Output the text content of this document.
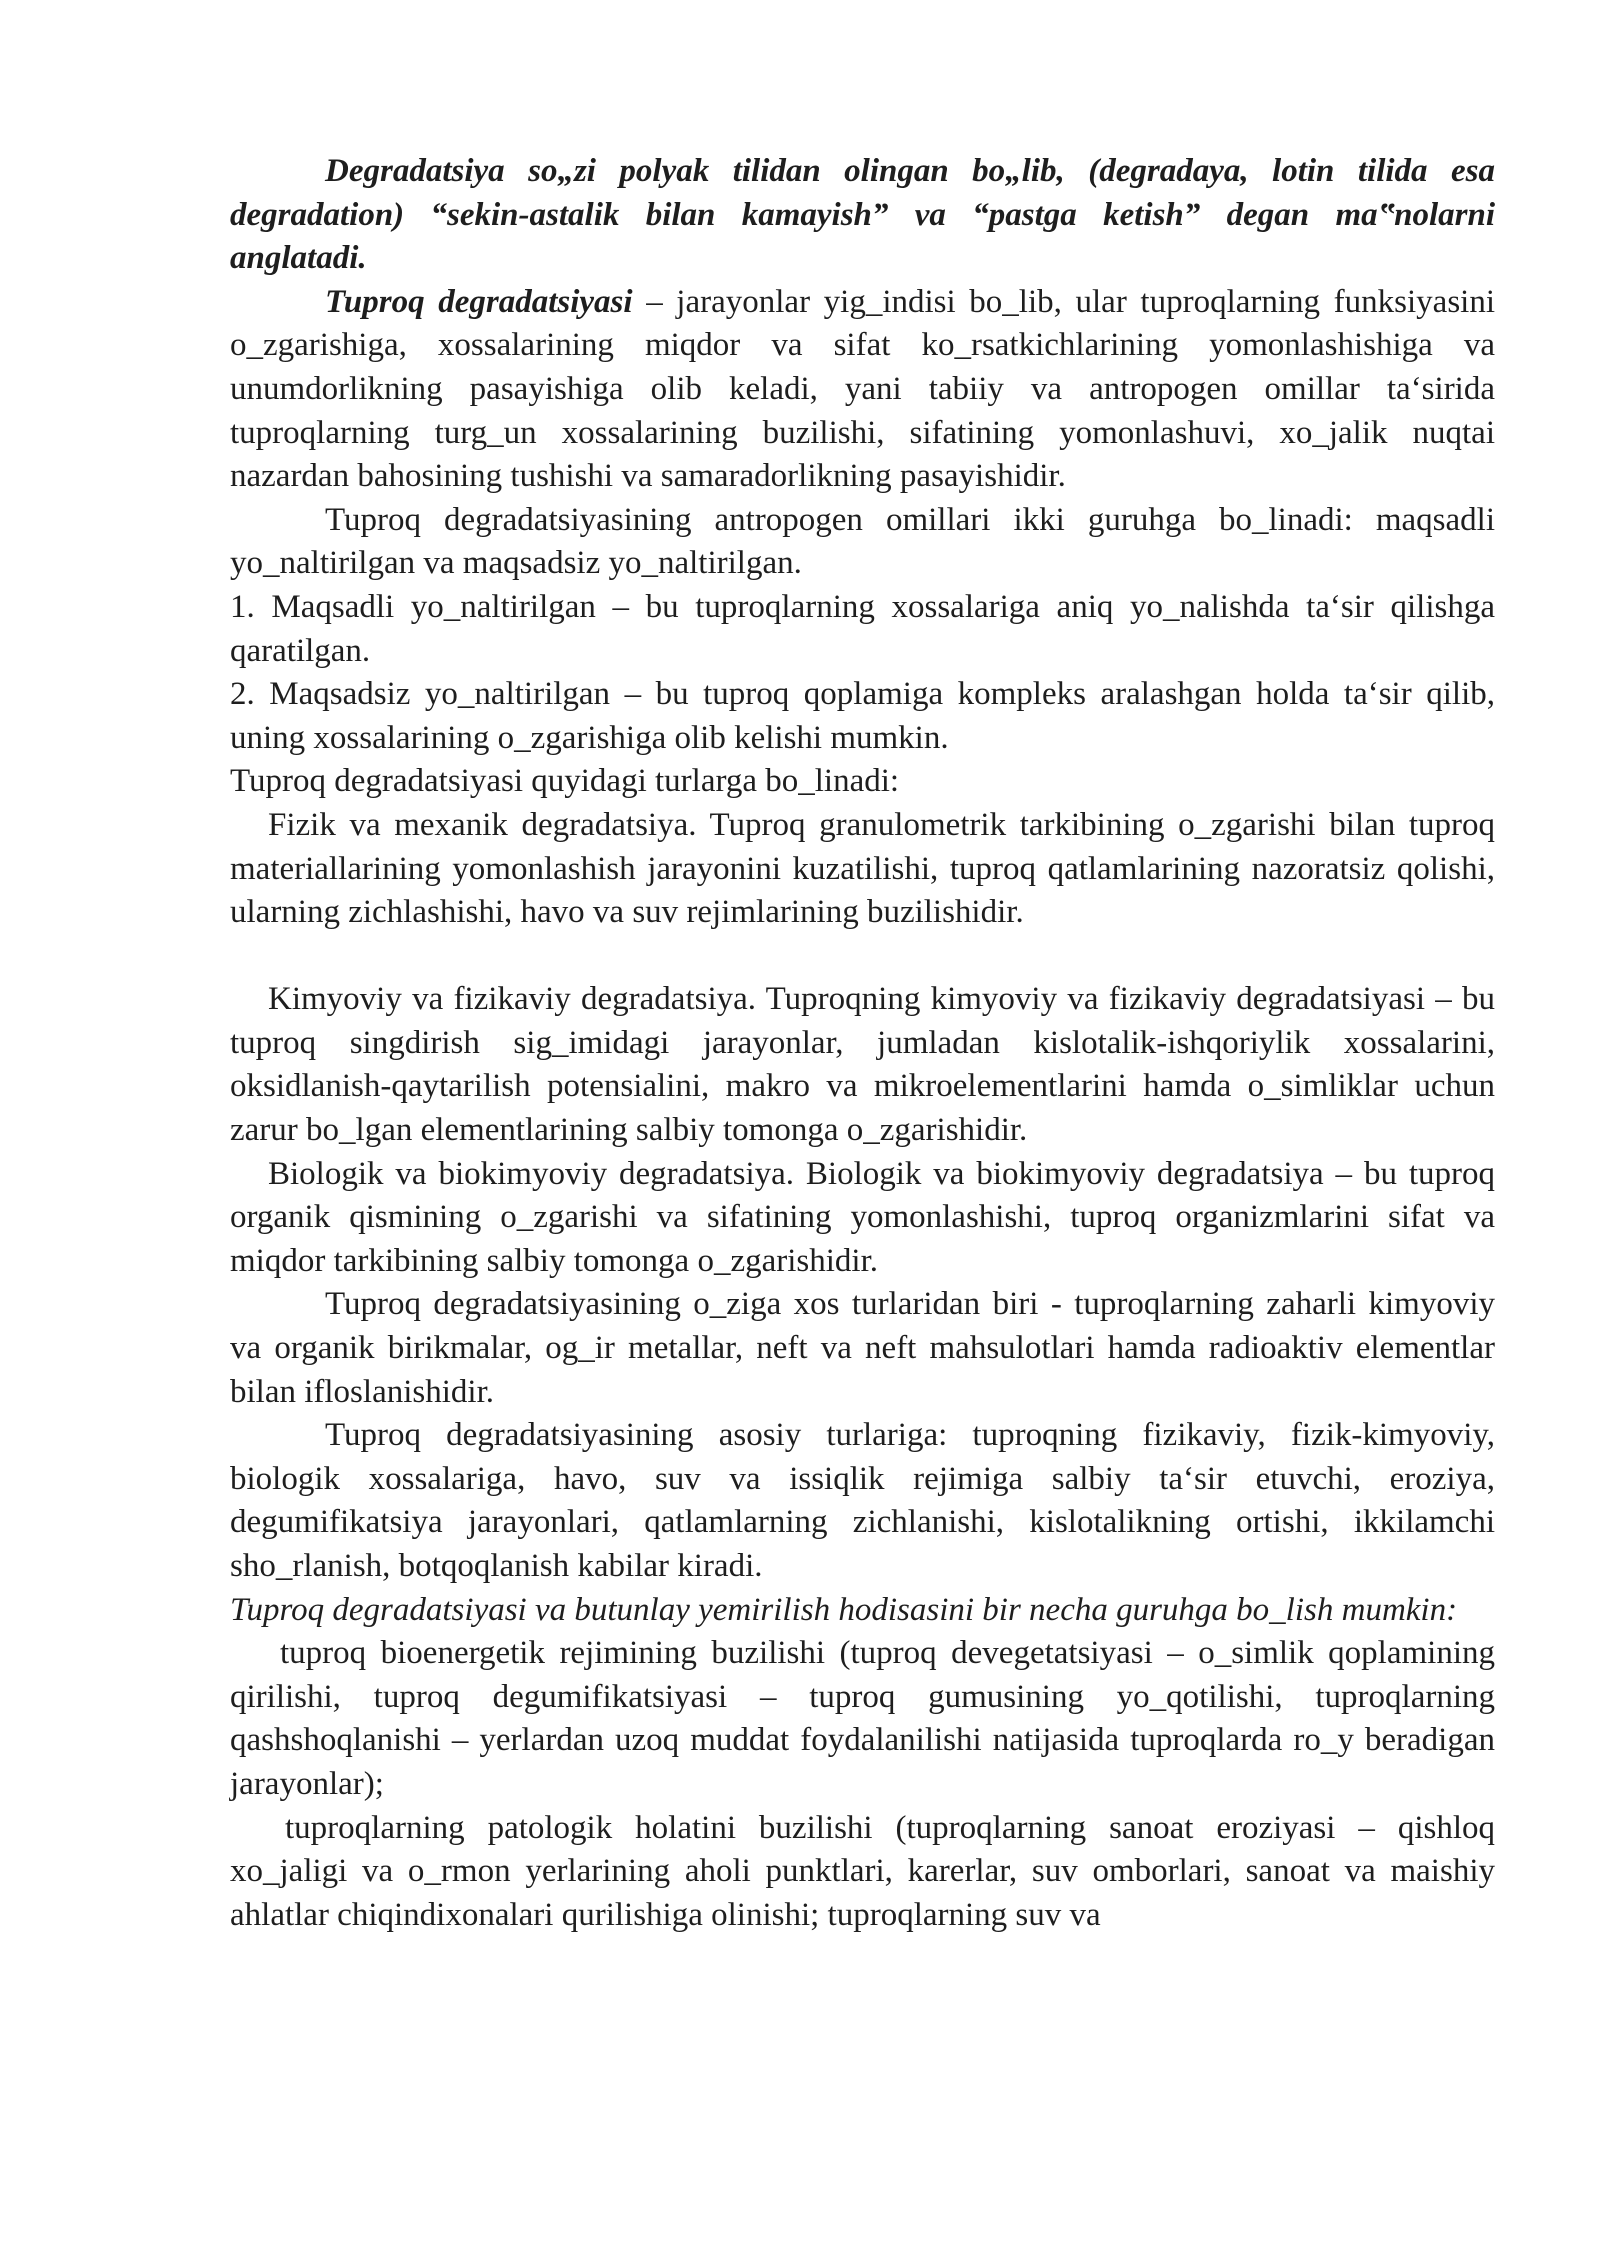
Degradatsiya so„zi polyak tilidan olingan bo„lib, (degradaya, lotin tilida esa degradation) “sekin-astalik bilan kamayish” va “pastga ketish” degan ma‟nolarni anglatadi.

Tuproq degradatsiyasi – jarayonlar yig_indisi bo_lib, ular tuproqlarning funksiyasini o_zgarishiga, xossalarining miqdor va sifat ko_rsatkichlarining yomonlashishiga va unumdorlikning pasayishiga olib keladi, yani tabiiy va antropogen omillar ta‘sirida tuproqlarning turg_un xossalarining buzilishi, sifatining yomonlashuvi, xo_jalik nuqtai nazardan bahosining tushishi va samaradorlikning pasayishidir.

Tuproq degradatsiyasining antropogen omillari ikki guruhga bo_linadi: maqsadli yo_naltirilgan va maqsadsiz yo_naltirilgan.

1. Maqsadli yo_naltirilgan – bu tuproqlarning xossalariga aniq yo_nalishda ta‘sir qilishga qaratilgan.

2. Maqsadsiz yo_naltirilgan – bu tuproq qoplamiga kompleks aralashgan holda ta‘sir qilib, uning xossalarining o_zgarishiga olib kelishi mumkin.

Tuproq degradatsiyasi quyidagi turlarga bo_linadi:

Fizik va mexanik degradatsiya. Tuproq granulometrik tarkibining o_zgarishi bilan tuproq materiallarining yomonlashish jarayonini kuzatilishi, tuproq qatlamlarining nazoratsiz qolishi, ularning zichlashishi, havo va suv rejimlarining buzilishidir.

Kimyoviy va fizikaviy degradatsiya. Tuproqning kimyoviy va fizikaviy degradatsiyasi – bu tuproq singdirish sig_imidagi jarayonlar, jumladan kislotalik-ishqoriylik xossalarini, oksidlanish-qaytarilish potensialini, makro va mikroelementlarini hamda o_simliklar uchun zarur bo_lgan elementlarining salbiy tomonga o_zgarishidir.

Biologik va biokimyoviy degradatsiya. Biologik va biokimyoviy degradatsiya – bu tuproq organik qismining o_zgarishi va sifatining yomonlashishi, tuproq organizmlarini sifat va miqdor tarkibining salbiy tomonga o_zgarishidir.

Tuproq degradatsiyasining o_ziga xos turlaridan biri - tuproqlarning zaharli kimyoviy va organik birikmalar, og_ir metallar, neft va neft mahsulotlari hamda radioaktiv elementlar bilan ifloslanishidir.

Tuproq degradatsiyasining asosiy turlariga: tuproqning fizikaviy, fizik-kimyoviy, biologik xossalariga, havo, suv va issiqlik rejimiga salbiy ta‘sir etuvchi, eroziya, degumifikatsiya jarayonlari, qatlamlarning zichlanishi, kislotalikning ortishi, ikkilamchi sho_rlanish, botqoqlanish kabilar kiradi.

Tuproq degradatsiyasi va butunlay yemirilish hodisasini bir necha guruhga bo_lish mumkin:

tuproq bioenergetik rejimining buzilishi (tuproq devegetatsiyasi – o_simlik qoplamining qirilishi, tuproq degumifikatsiyasi – tuproq gumusining yo_qotilishi, tuproqlarning qashshoqlanishi – yerlardan uzoq muddat foydalanilishi natijasida tuproqlarda ro_y beradigan jarayonlar);

tuproqlarning patologik holatini buzilishi (tuproqlarning sanoat eroziyasi – qishloq xo_jaligi va o_rmon yerlarining aholi punktlari, karerlar, suv omborlari, sanoat va maishiy ahlatlar chiqindixonalari qurilishiga olinishi; tuproqlarning suv va
